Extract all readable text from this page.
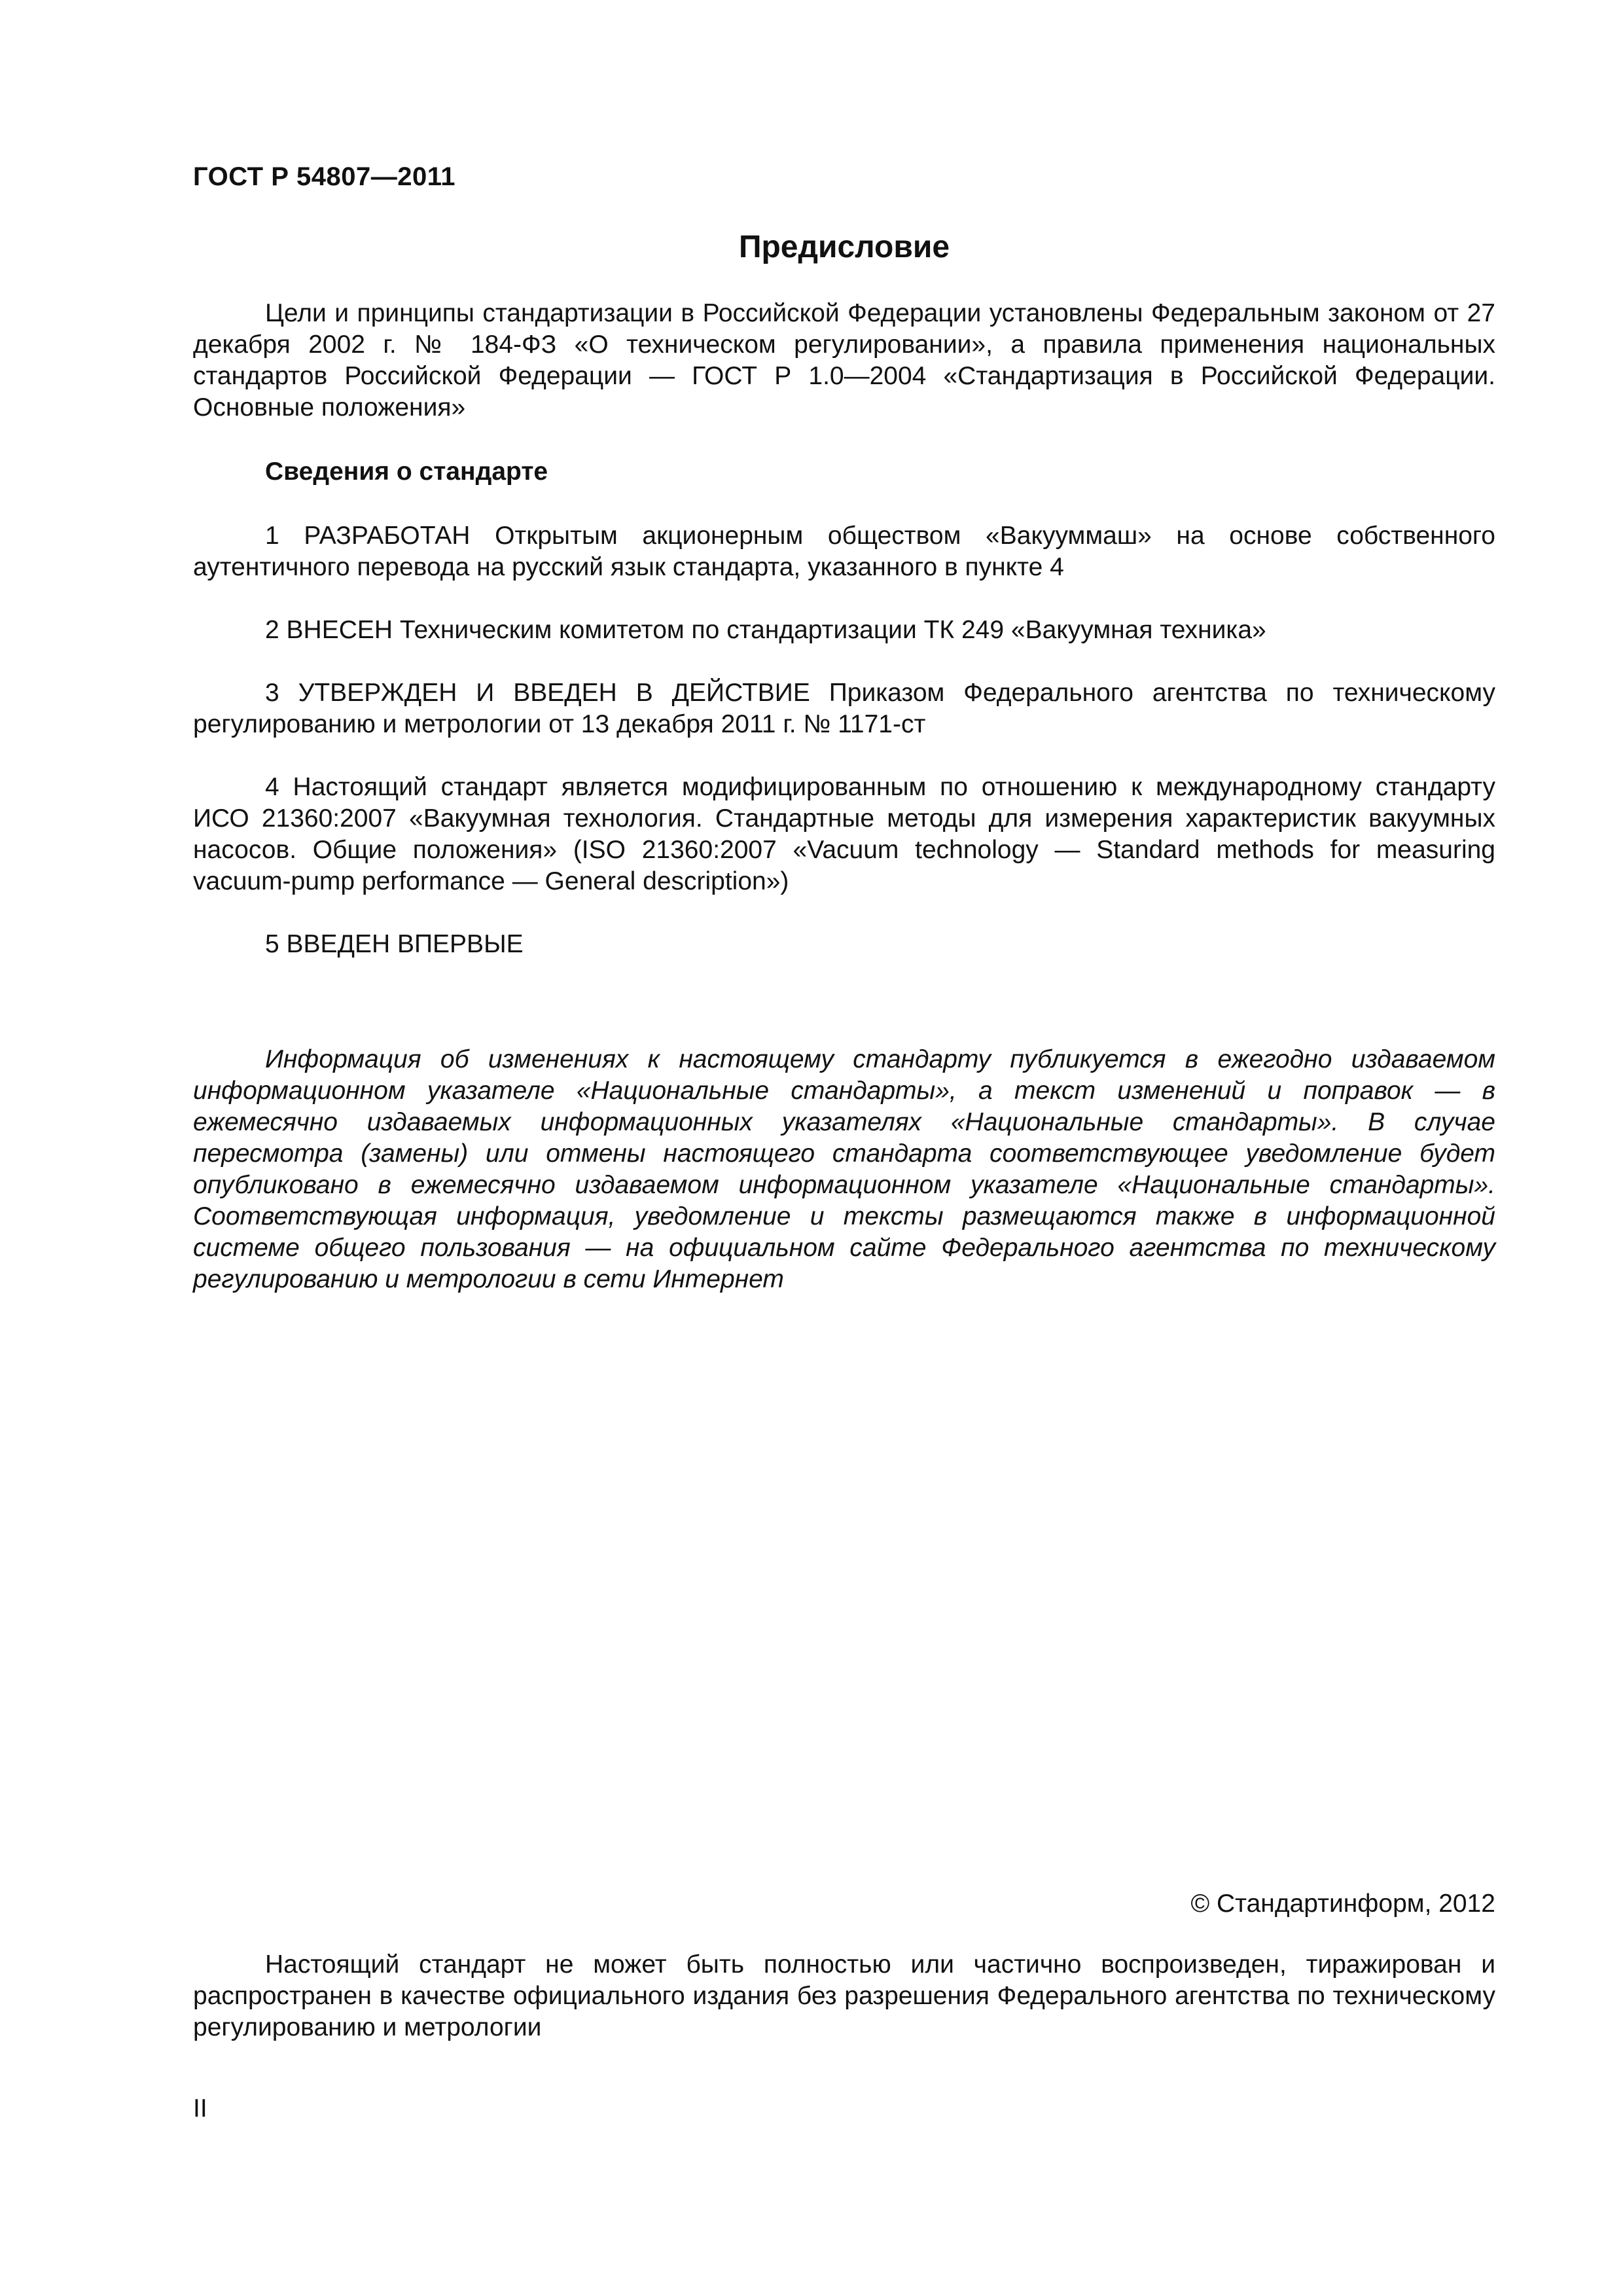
ГОСТ Р 54807—2011

Предисловие

Цели и принципы стандартизации в Российской Федерации установлены Федеральным законом от 27 декабря 2002 г. № 184-ФЗ «О техническом регулировании», а правила применения национальных стандартов Российской Федерации — ГОСТ Р 1.0—2004 «Стандартизация в Российской Федерации. Основные положения»

Сведения о стандарте

1 РАЗРАБОТАН Открытым акционерным обществом «Вакууммаш» на основе собственного аутентичного перевода на русский язык стандарта, указанного в пункте 4

2 ВНЕСЕН Техническим комитетом по стандартизации ТК 249 «Вакуумная техника»

3 УТВЕРЖДЕН И ВВЕДЕН В ДЕЙСТВИЕ Приказом Федерального агентства по техническому регулированию и метрологии от 13 декабря 2011 г. № 1171-ст

4 Настоящий стандарт является модифицированным по отношению к международному стандарту ИСО 21360:2007 «Вакуумная технология. Стандартные методы для измерения характеристик вакуумных насосов. Общие положения» (ISO 21360:2007 «Vacuum technology — Standard methods for measuring vacuum-pump performance — General description»)

5 ВВЕДЕН ВПЕРВЫЕ

Информация об изменениях к настоящему стандарту публикуется в ежегодно издаваемом информационном указателе «Национальные стандарты», а текст изменений и поправок — в ежемесячно издаваемых информационных указателях «Национальные стандарты». В случае пересмотра (замены) или отмены настоящего стандарта соответствующее уведомление будет опубликовано в ежемесячно издаваемом информационном указателе «Национальные стандарты». Соответствующая информация, уведомление и тексты размещаются также в информационной системе общего пользования — на официальном сайте Федерального агентства по техническому регулированию и метрологии в сети Интернет

© Стандартинформ, 2012

Настоящий стандарт не может быть полностью или частично воспроизведен, тиражирован и распространен в качестве официального издания без разрешения Федерального агентства по техническому регулированию и метрологии

II
